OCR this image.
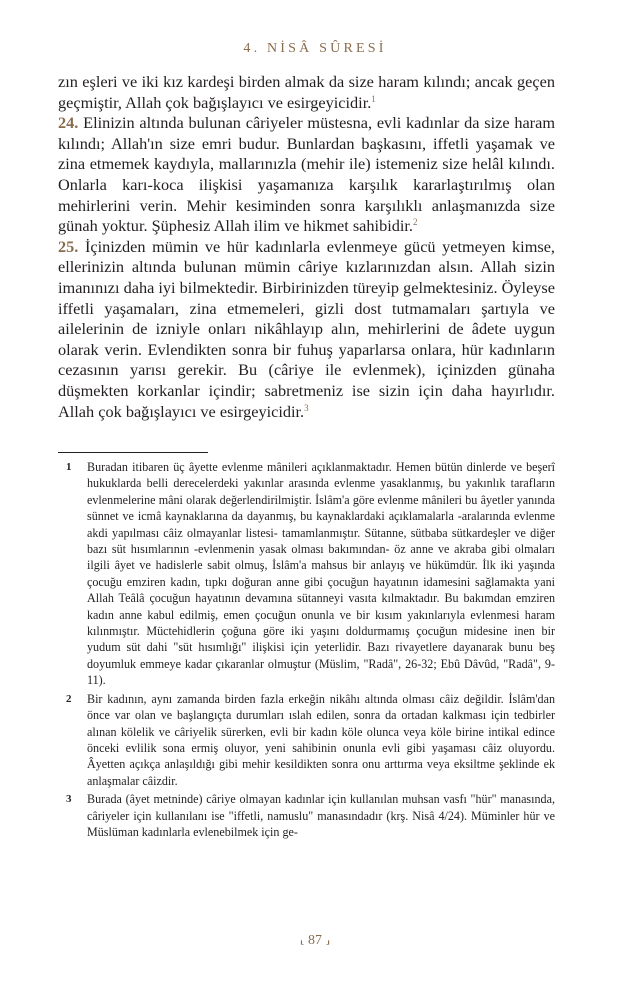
4. NİSÂ SÛRESİ

zın eşleri ve iki kız kardeşi birden almak da size haram kılındı; ancak geçen geçmiştir, Allah çok bağışlayıcı ve esirgeyicidir.$^1$

24. Elinizin altında bulunan câriyeler müstesna, evli kadınlar da size haram kılındı; Allah'ın size emri budur. Bunlardan başkasını, iffetli yaşamak ve zina etmemek kaydıyla, mallarınızla (mehir ile) istemeniz size helâl kılındı. Onlarla karı-koca ilişkisi yaşamanıza karşılık kararlaştırılmış olan mehirlerini verin. Mehir kesiminden sonra karşılıklı anlaşmanızda size günah yoktur. Şüphesiz Allah ilim ve hikmet sahibidir.$^2$

25. İçinizden mümin ve hür kadınlarla evlenmeye gücü yetmeyen kimse, ellerinizin altında bulunan mümin câriye kızlarınızdan alsın. Allah sizin imanınızı daha iyi bilmektedir. Birbirinizden türeyip gelmektesiniz. Öyleyse iffetli yaşamaları, zina etmemeleri, gizli dost tutmamaları şartıyla ve ailelerinin de izniyle onları nikâhlayıp alın, mehirlerini de âdete uygun olarak verin. Evlendikten sonra bir fuhuş yaparlarsa onlara, hür kadınların cezasının yarısı gerekir. Bu (câriye ile evlenmek), içinizden günaha düşmekten korkanlar içindir; sabretmeniz ise sizin için daha hayırlıdır. Allah çok bağışlayıcı ve esirgeyicidir.$^3$

1	Buradan itibaren üç âyette evlenme mânileri açıklanmaktadır. Hemen bütün dinlerde ve beşerî hukuklarda belli derecelerdeki yakınlar arasında evlenme yasaklanmış, bu yakınlık tarafların evlenmelerine mâni olarak değerlendirilmiştir. İslâm'a göre evlenme mânileri bu âyetler yanında sünnet ve icmâ kaynaklarına da dayanmış, bu kaynaklardaki açıklamalarla -aralarında evlenme akdi yapılması câiz olmayanlar listesi- tamamlanmıştır. Sütanne, sütbaba sütkardeşler ve diğer bazı süt hısımlarının -evlenmenin yasak olması bakımından- öz anne ve akraba gibi olmaları ilgili âyet ve hadislerle sabit olmuş, İslâm'a mahsus bir anlayış ve hükümdür. İlk iki yaşında çocuğu emziren kadın, tıpkı doğuran anne gibi çocuğun hayatının idamesini sağlamakta yani Allah Teâlâ çocuğun hayatının devamına sütanneyi vasıta kılmaktadır. Bu bakımdan emziren kadın anne kabul edilmiş, emen çocuğun onunla ve bir kısım yakınlarıyla evlenmesi haram kılınmıştır. Müctehidlerin çoğuna göre iki yaşını doldurmamış çocuğun midesine inen bir yudum süt dahi "süt hısımlığı" ilişkisi için yeterlidir. Bazı rivayetlere dayanarak bunu beş doyumluk emmeye kadar çıkaranlar olmuştur (Müslim, "Radâ", 26-32; Ebû Dâvûd, "Radâ", 9-11).

2	Bir kadının, aynı zamanda birden fazla erkeğin nikâhı altında olması câiz değildir. İslâm'dan önce var olan ve başlangıçta durumları ıslah edilen, sonra da ortadan kalkması için tedbirler alınan kölelik ve câriyelik sürerken, evli bir kadın köle olunca veya köle birine intikal edince önceki evlilik sona ermiş oluyor, yeni sahibinin onunla evli gibi yaşaması câiz oluyordu. Âyetten açıkça anlaşıldığı gibi mehir kesildikten sonra onu arttırma veya eksiltme şeklinde ek anlaşmalar câizdir.

3	Burada (âyet metninde) câriye olmayan kadınlar için kullanılan muhsan vasfı "hür" manasında, câriyeler için kullanılanı ise "iffetli, namuslu" manasındadır (krş. Nisâ 4/24). Müminler hür ve Müslüman kadınlarla evlenebilmek için ge-

⸤ 87 ⸥
